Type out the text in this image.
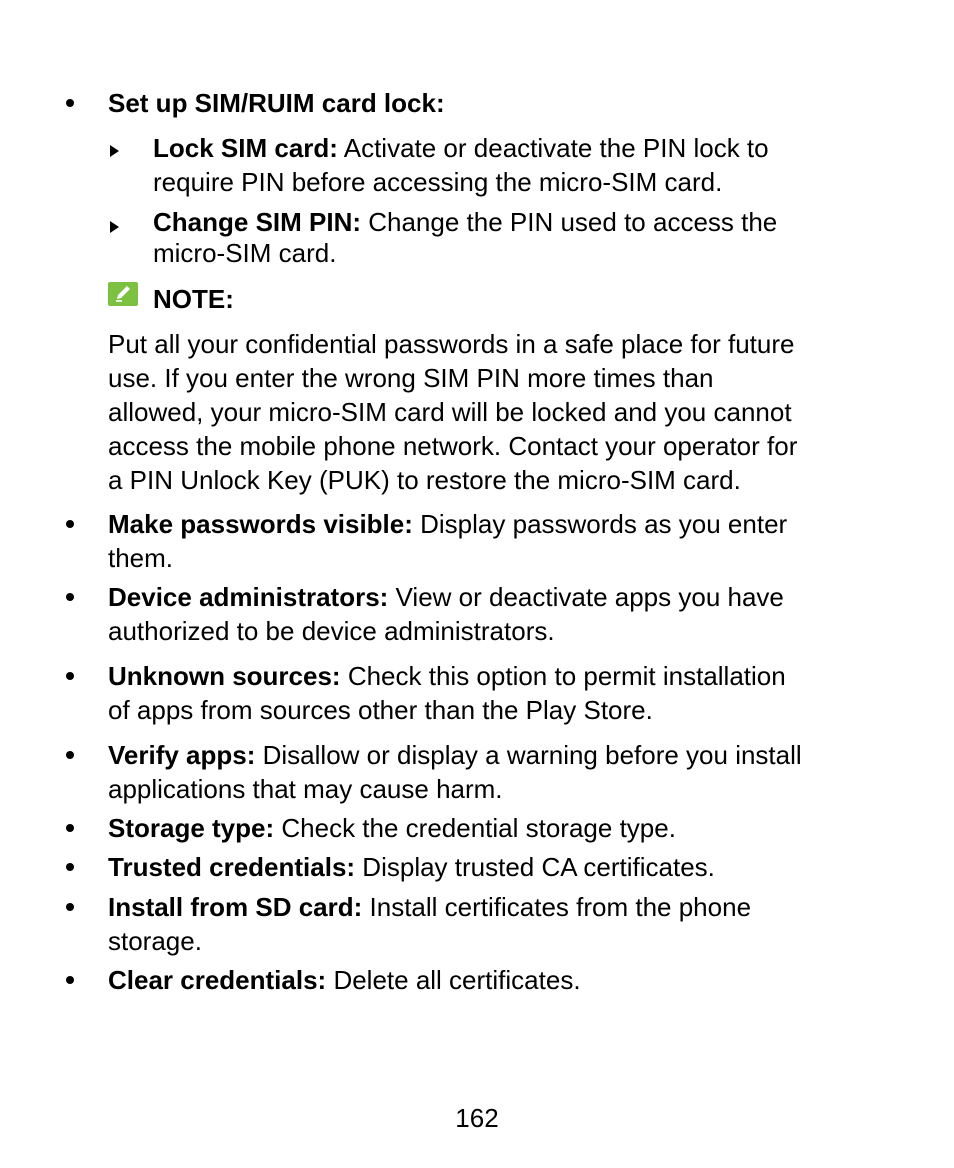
Set up SIM/RUIM card lock:

Lock SIM card: Activate or deactivate the PIN lock to
require PIN before accessing the micro-SIM card.
Change SIM PIN: Change the PIN used to access the
micro-SIM card.

NOTE:

Put all your confidential passwords in a safe place for future
use. If you enter the wrong SIM PIN more times than
allowed, your micro-SIM card will be locked and you cannot
access the mobile phone network. Contact your operator for
a PIN Unlock Key (PUK) to restore the micro-SIM card.
Make passwords visible: Display passwords as you enter
them.
Device administrators: View or deactivate apps you have
authorized to be device administrators.
Unknown sources: Check this option to permit installation
of apps from sources other than the Play Store.
Verify apps: Disallow or display a warning before you install
applications that may cause harm.
Storage type: Check the credential storage type.
Trusted credentials: Display trusted CA certificates.
Install from SD card: Install certificates from the phone
storage.
Clear credentials: Delete all certificates.
162
